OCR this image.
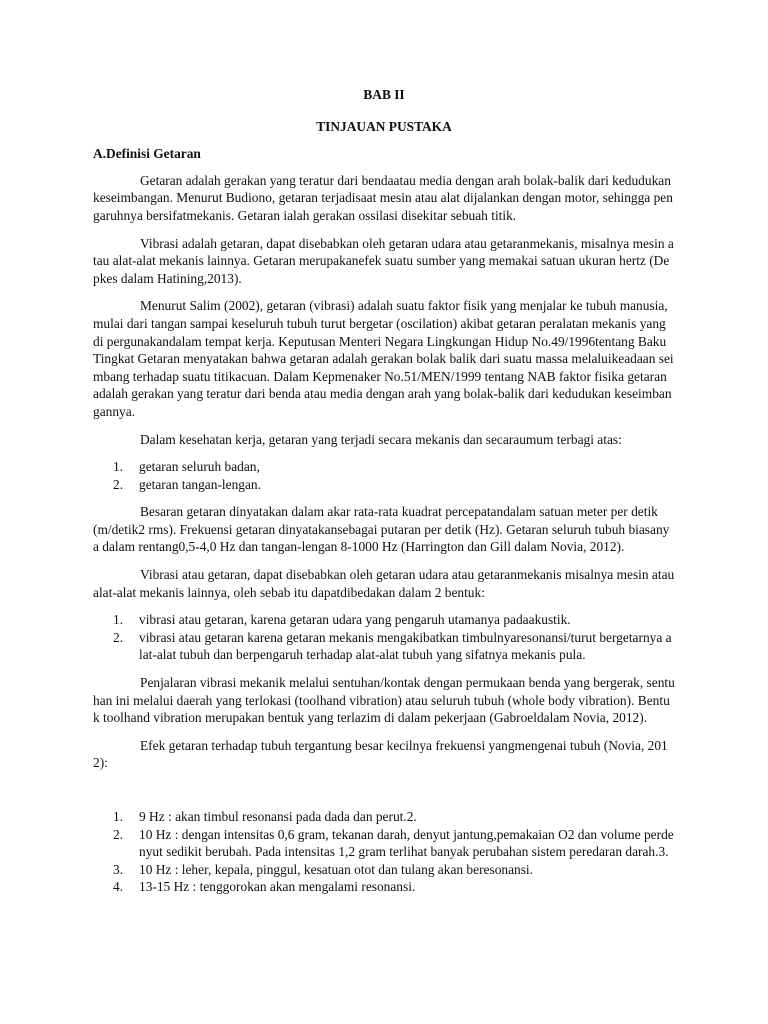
BAB II

TINJAUAN PUSTAKA

A.Definisi Getaran

Getaran adalah gerakan yang teratur dari bendaatau media dengan arah bolak-balik dari kedudukan keseimbangan. Menurut Budiono, getaran terjadisaat mesin atau alat dijalankan dengan motor, sehingga pengaruhnya bersifatmekanis. Getaran ialah gerakan ossilasi disekitar sebuah titik.

Vibrasi adalah getaran, dapat disebabkan oleh getaran udara atau getaranmekanis, misalnya mesin atau alat-alat mekanis lainnya. Getaran merupakanefek suatu sumber yang memakai satuan ukuran hertz (Depkes dalam Hatining,2013).

Menurut Salim (2002), getaran (vibrasi) adalah suatu faktor fisik yang menjalar ke tubuh manusia, mulai dari tangan sampai keseluruh tubuh turut bergetar (oscilation) akibat getaran peralatan mekanis yang di pergunakandalam tempat kerja. Keputusan Menteri Negara Lingkungan Hidup No.49/1996tentang Baku Tingkat Getaran menyatakan bahwa getaran adalah gerakan bolak balik dari suatu massa melaluikeadaan seimbang terhadap suatu titikacuan. Dalam Kepmenaker No.51/MEN/1999 tentang NAB faktor fisika getaran adalah gerakan yang teratur dari benda atau media dengan arah yang bolak-balik dari kedudukan keseimbangannya.

Dalam kesehatan kerja, getaran yang terjadi secara mekanis dan secaraumum terbagi atas:

1. getaran seluruh badan,
2. getaran tangan-lengan.

Besaran getaran dinyatakan dalam akar rata-rata kuadrat percepatandalam satuan meter per detik (m/detik2 rms). Frekuensi getaran dinyatakansebagai putaran per detik (Hz). Getaran seluruh tubuh biasanya dalam rentang0,5-4,0 Hz dan tangan-lengan 8-1000 Hz (Harrington dan Gill dalam Novia, 2012).

Vibrasi atau getaran, dapat disebabkan oleh getaran udara atau getaranmekanis misalnya mesin atau alat-alat mekanis lainnya, oleh sebab itu dapatdibedakan dalam 2 bentuk:

1. vibrasi atau getaran, karena getaran udara yang pengaruh utamanya padaakustik.
2. vibrasi atau getaran karena getaran mekanis mengakibatkan timbulnyaresonansi/turut bergetarnya alat-alat tubuh dan berpengaruh terhadap alat-alat tubuh yang sifatnya mekanis pula.

Penjalaran vibrasi mekanik melalui sentuhan/kontak dengan permukaan benda yang bergerak, sentuhan ini melalui daerah yang terlokasi (toolhand vibration) atau seluruh tubuh (whole body vibration). Bentuk toolhand vibration merupakan bentuk yang terlazim di dalam pekerjaan (Gabroeldalam Novia, 2012).

Efek getaran terhadap tubuh tergantung besar kecilnya frekuensi yangmengenai tubuh (Novia, 2012):

1. 9 Hz : akan timbul resonansi pada dada dan perut.2.
2. 10 Hz : dengan intensitas 0,6 gram, tekanan darah, denyut jantung,pemakaian O2 dan volume perdenyut sedikit berubah. Pada intensitas 1,2 gram terlihat banyak perubahan sistem peredaran darah.3.
3. 10 Hz : leher, kepala, pinggul, kesatuan otot dan tulang akan beresonansi.
4. 13-15 Hz : tenggorokan akan mengalami resonansi.
